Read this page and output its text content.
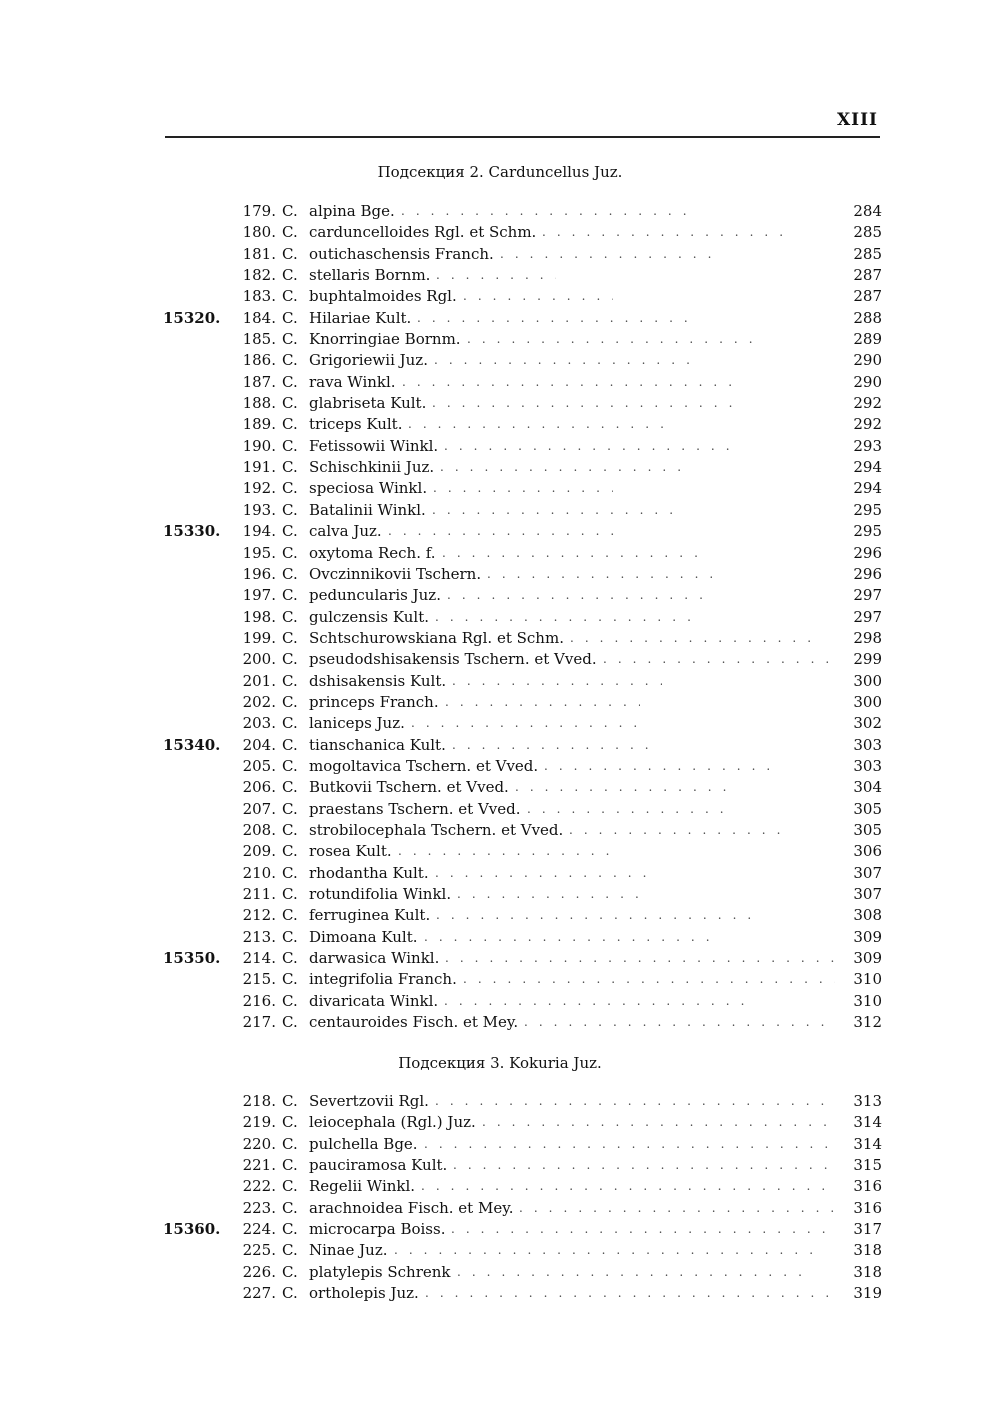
XIII
Подсекция 2. Carduncellus Juz.
179. C. alpina Bge. . . .	284
180. C. carduncelloides Rgl. et Schm. . . .	285
181. C. outichaschensis Franch. . . .	285
182. C. stellaris Bornm. . . .	287
183. C. buphtalmoides Rgl. . . .	287
15320. 184. C. Hilariae Kult. . . .	288
185. C. Knorringiae Bornm. . . .	289
186. C. Grigoriewii Juz. . . .	290
187. C. rava Winkl. . . .	290
188. C. glabriseta Kult. . . .	292
189. C. triceps Kult. . . .	292
190. C. Fetissowii Winkl. . . .	293
191. C. Schischkinii Juz. . . .	294
192. C. speciosa Winkl. . . .	294
193. C. Batalinii Winkl. . . .	295
15330. 194. C. calva Juz. . . .	295
195. C. oxytoma Rech. f. . . .	296
196. C. Ovczinnikovii Tschern. . . .	296
197. C. peduncularis Juz. . . .	297
198. C. gulczensis Kult. . . .	297
199. C. Schtschurowskiana Rgl. et Schm. . . .	298
200. C. pseudodshisakensis Tschern. et Vved. . . .	299
201. C. dshisakensis Kult. . . .	300
202. C. princeps Franch. . . .	300
203. C. laniceps Juz. . . .	302
15340. 204. C. tianschanica Kult. . . .	303
205. C. mogoltavica Tschern. et Vved. . . .	303
206. C. Butkovii Tschern. et Vved. . . .	304
207. C. praestans Tschern. et Vved. . . .	305
208. C. strobilocephala Tschern. et Vved. . . .	305
209. C. rosea Kult. . . .	306
210. C. rhodantha Kult. . . .	307
211. C. rotundifolia Winkl. . . .	307
212. C. ferruginea Kult. . . .	308
213. C. Dimoana Kult. . . .	309
15350. 214. C. darwasica Winkl. . . .	309
215. C. integrifolia Franch. . . .	310
216. C. divaricata Winkl. . . .	310
217. C. centauroides Fisch. et Mey. . . .	312
Подсекция 3. Kokuria Juz.
218. C. Severtzovii Rgl. . . .	313
219. C. leiocephala (Rgl.) Juz. . . .	314
220. C. pulchella Bge. . . .	314
221. C. pauciramosa Kult. . . .	315
222. C. Regelii Winkl. . . .	316
223. C. arachnoidea Fisch. et Mey. . . .	316
15360. 224. C. microcarpa Boiss. . . .	317
225. C. Ninae Juz. . . .	318
226. C. platylepis Schrenk . . .	318
227. C. ortholepis Juz. . . .	319
